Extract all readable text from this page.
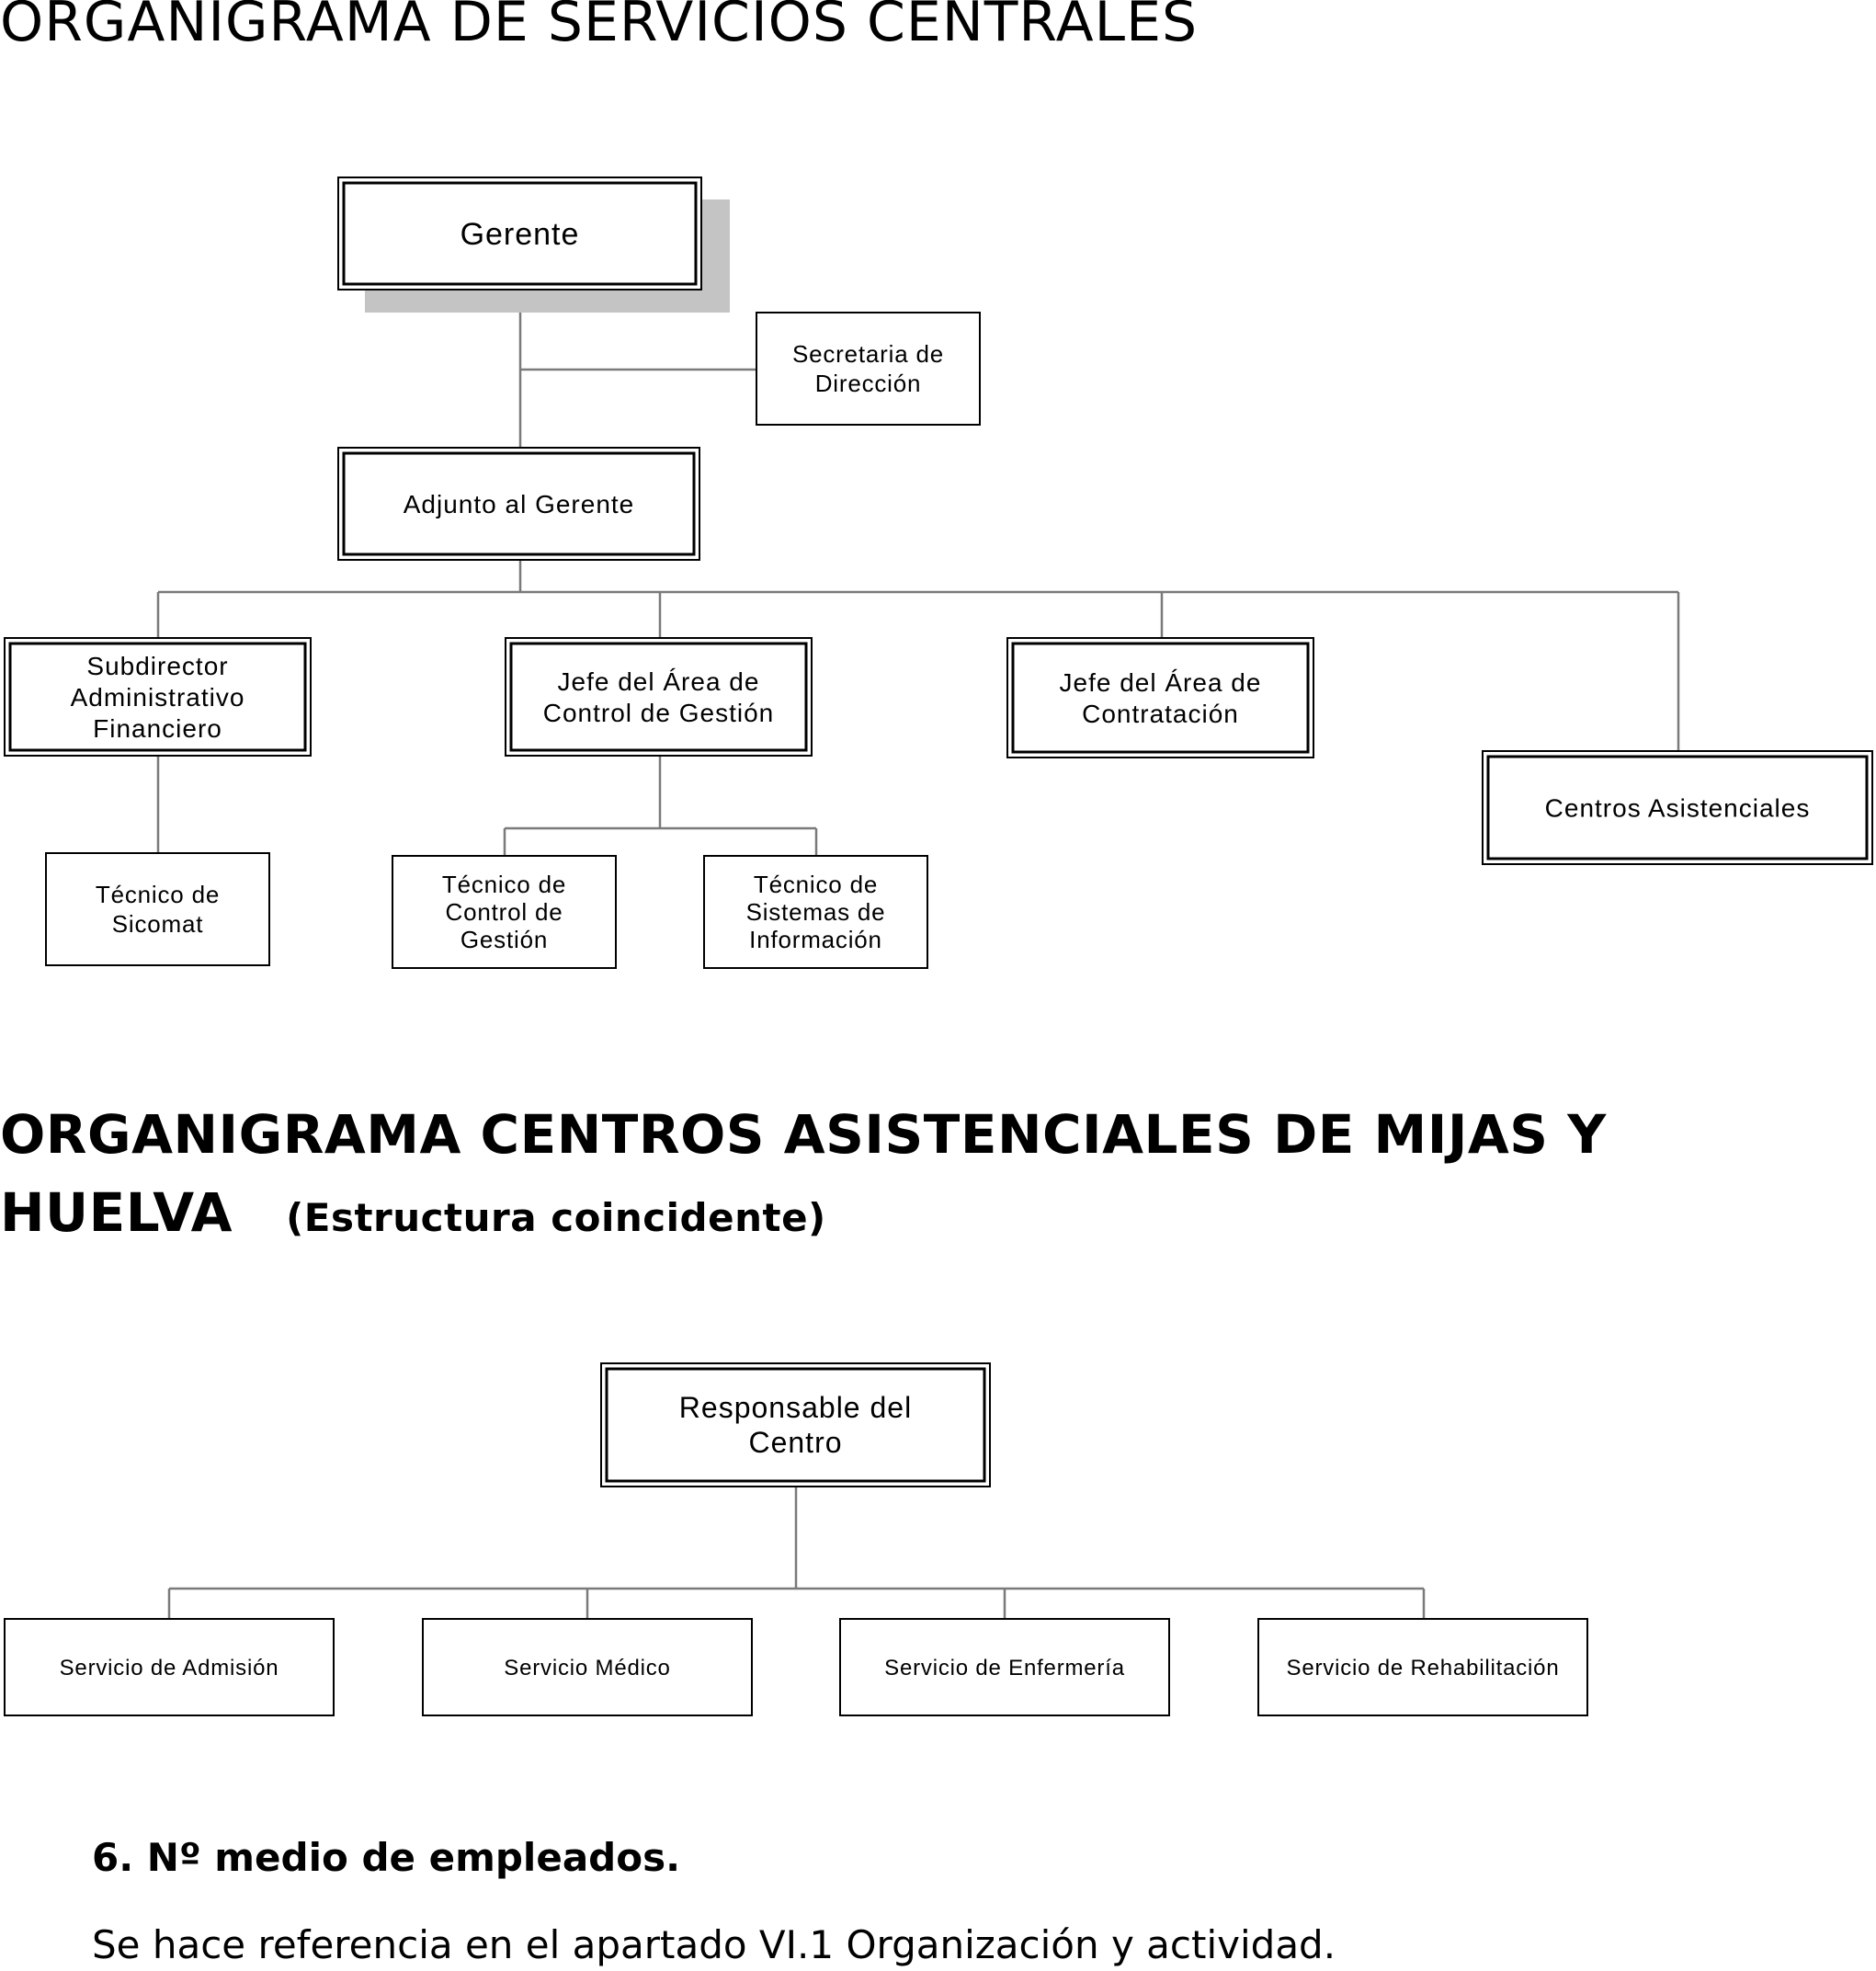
ORGANIGRAMA DE SERVICIOS CENTRALES
Gerente
Secretaria de
Dirección
Adjunto al Gerente
Subdirector
Administrativo
Financiero
Jefe del Área de
Control de Gestión
Jefe del Área de
Contratación
Centros Asistenciales
Técnico de
Sicomat
Técnico de
Control de
Gestión
Técnico de
Sistemas de
Información
Responsable del
Centro
Servicio de Admisión	Servicio Médico	Servicio de Enfermería	Servicio de Rehabilitación
ORGANIGRAMA CENTROS ASISTENCIALES DE MIJAS Y
HUELVA (Estructura coincidente)
6. Nº medio de empleados.

Se hace referencia en el apartado VI.1 Organización y actividad.
